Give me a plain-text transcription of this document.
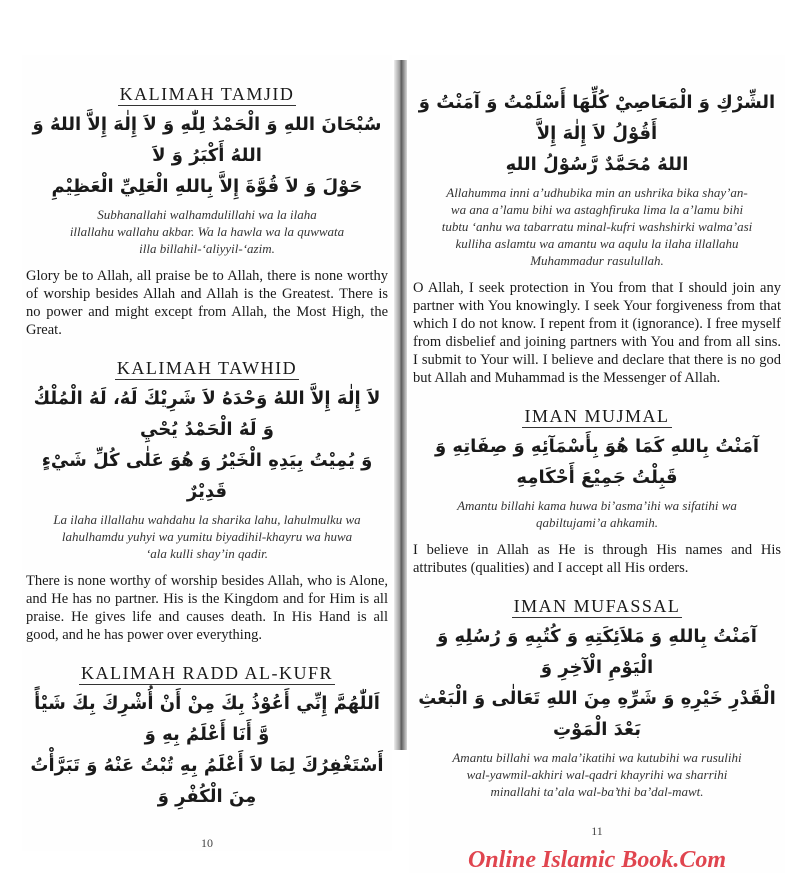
KALIMAH TAMJID
سُبْحَانَ اللهِ وَ الْحَمْدُ لِلّٰهِ وَ لاَ إِلٰهَ إِلاَّ اللهُ وَ اللهُ أَكْبَرُ وَ لاَ
حَوْلَ وَ لاَ قُوَّةَ إِلاَّ بِاللهِ الْعَلِيِّ الْعَظِيْمِ
Subhanallahi walhamdulillahi wa la ilaha
illallahu wallahu akbar. Wa la hawla wa la quwwata
illa billahil-‘aliyyil-‘azim.
Glory be to Allah, all praise be to Allah, there is none worthy of worship besides Allah and Allah is the Greatest. There is no power and might except from Allah, the Most High, the Great.
KALIMAH TAWHID
لاَ إِلٰهَ إِلاَّ اللهُ وَحْدَهُ لاَ شَرِيْكَ لَهُ، لَهُ الْمُلْكُ وَ لَهُ الْحَمْدُ يُحْيِ
وَ يُمِيْتُ بِيَدِهِ الْخَيْرُ وَ هُوَ عَلٰى كُلِّ شَيْءٍ قَدِيْرٌ
La ilaha illallahu wahdahu la sharika lahu, lahulmulku wa
lahulhamdu yuhyi wa yumitu biyadihil-khayru wa huwa
‘ala kulli shay’in qadir.
There is none worthy of worship besides Allah, who is Alone, and He has no partner. His is the Kingdom and for Him is all praise. He gives life and causes death. In His Hand is all good, and he has power over everything.
KALIMAH RADD AL-KUFR
اَللّٰهُمَّ إِنِّي أَعُوْذُ بِكَ مِنْ أَنْ أُشْرِكَ بِكَ شَيْأً وَّ أَنَا أَعْلَمُ بِهِ وَ
أَسْتَغْفِرُكَ لِمَا لاَ أَعْلَمُ بِهِ تُبْتُ عَنْهُ وَ تَبَرَّأْتُ مِنَ الْكُفْرِ وَ
10
الشِّرْكِ وَ الْمَعَاصِيْ كُلِّهَا أَسْلَمْتُ وَ آمَنْتُ وَ أَقُوْلُ لاَ إِلٰهَ إِلاَّ
اللهُ مُحَمَّدٌ رَّسُوْلُ اللهِ
Allahumma inni a’udhubika min an ushrika bika shay’an-
wa ana a’lamu bihi wa astaghfiruka lima la a’lamu bihi
tubtu ‘anhu wa tabarratu minal-kufri washshirki walma’asi
kulliha aslamtu wa amantu wa aqulu la ilaha illallahu
Muhammadur rasulullah.
O Allah, I seek protection in You from that I should join any partner with You knowingly. I seek Your forgiveness from that which I do not know. I repent from it (ignorance). I free myself from disbelief and joining partners with You and from all sins. I submit to Your will. I believe and declare that there is no god but Allah and Muhammad is the Messenger of Allah.
IMAN MUJMAL
آمَنْتُ بِاللهِ كَمَا هُوَ بِأَسْمَآئِهِ وَ صِفَاتِهِ وَ قَبِلْتُ جَمِيْعَ أَحْكَامِهِ
Amantu billahi kama huwa bi’asma’ihi wa sifatihi wa
qabiltujami’a ahkamih.
I believe in Allah as He is through His names and His attributes (qualities) and I accept all His orders.
IMAN MUFASSAL
آمَنْتُ بِاللهِ وَ مَلاَئِكَتِهِ وَ كُتُبِهِ وَ رُسُلِهِ وَ الْيَوْمِ الْآخِرِ وَ
الْقَدْرِ خَيْرِهِ وَ شَرِّهِ مِنَ اللهِ تَعَالٰى وَ الْبَعْثِ بَعْدَ الْمَوْتِ
Amantu billahi wa mala’ikatihi wa kutubihi wa rusulihi
wal-yawmil-akhiri wal-qadri khayrihi wa sharrihi
minallahi ta’ala wal-ba’thi ba’dal-mawt.
11
Online Islamic Book.Com
